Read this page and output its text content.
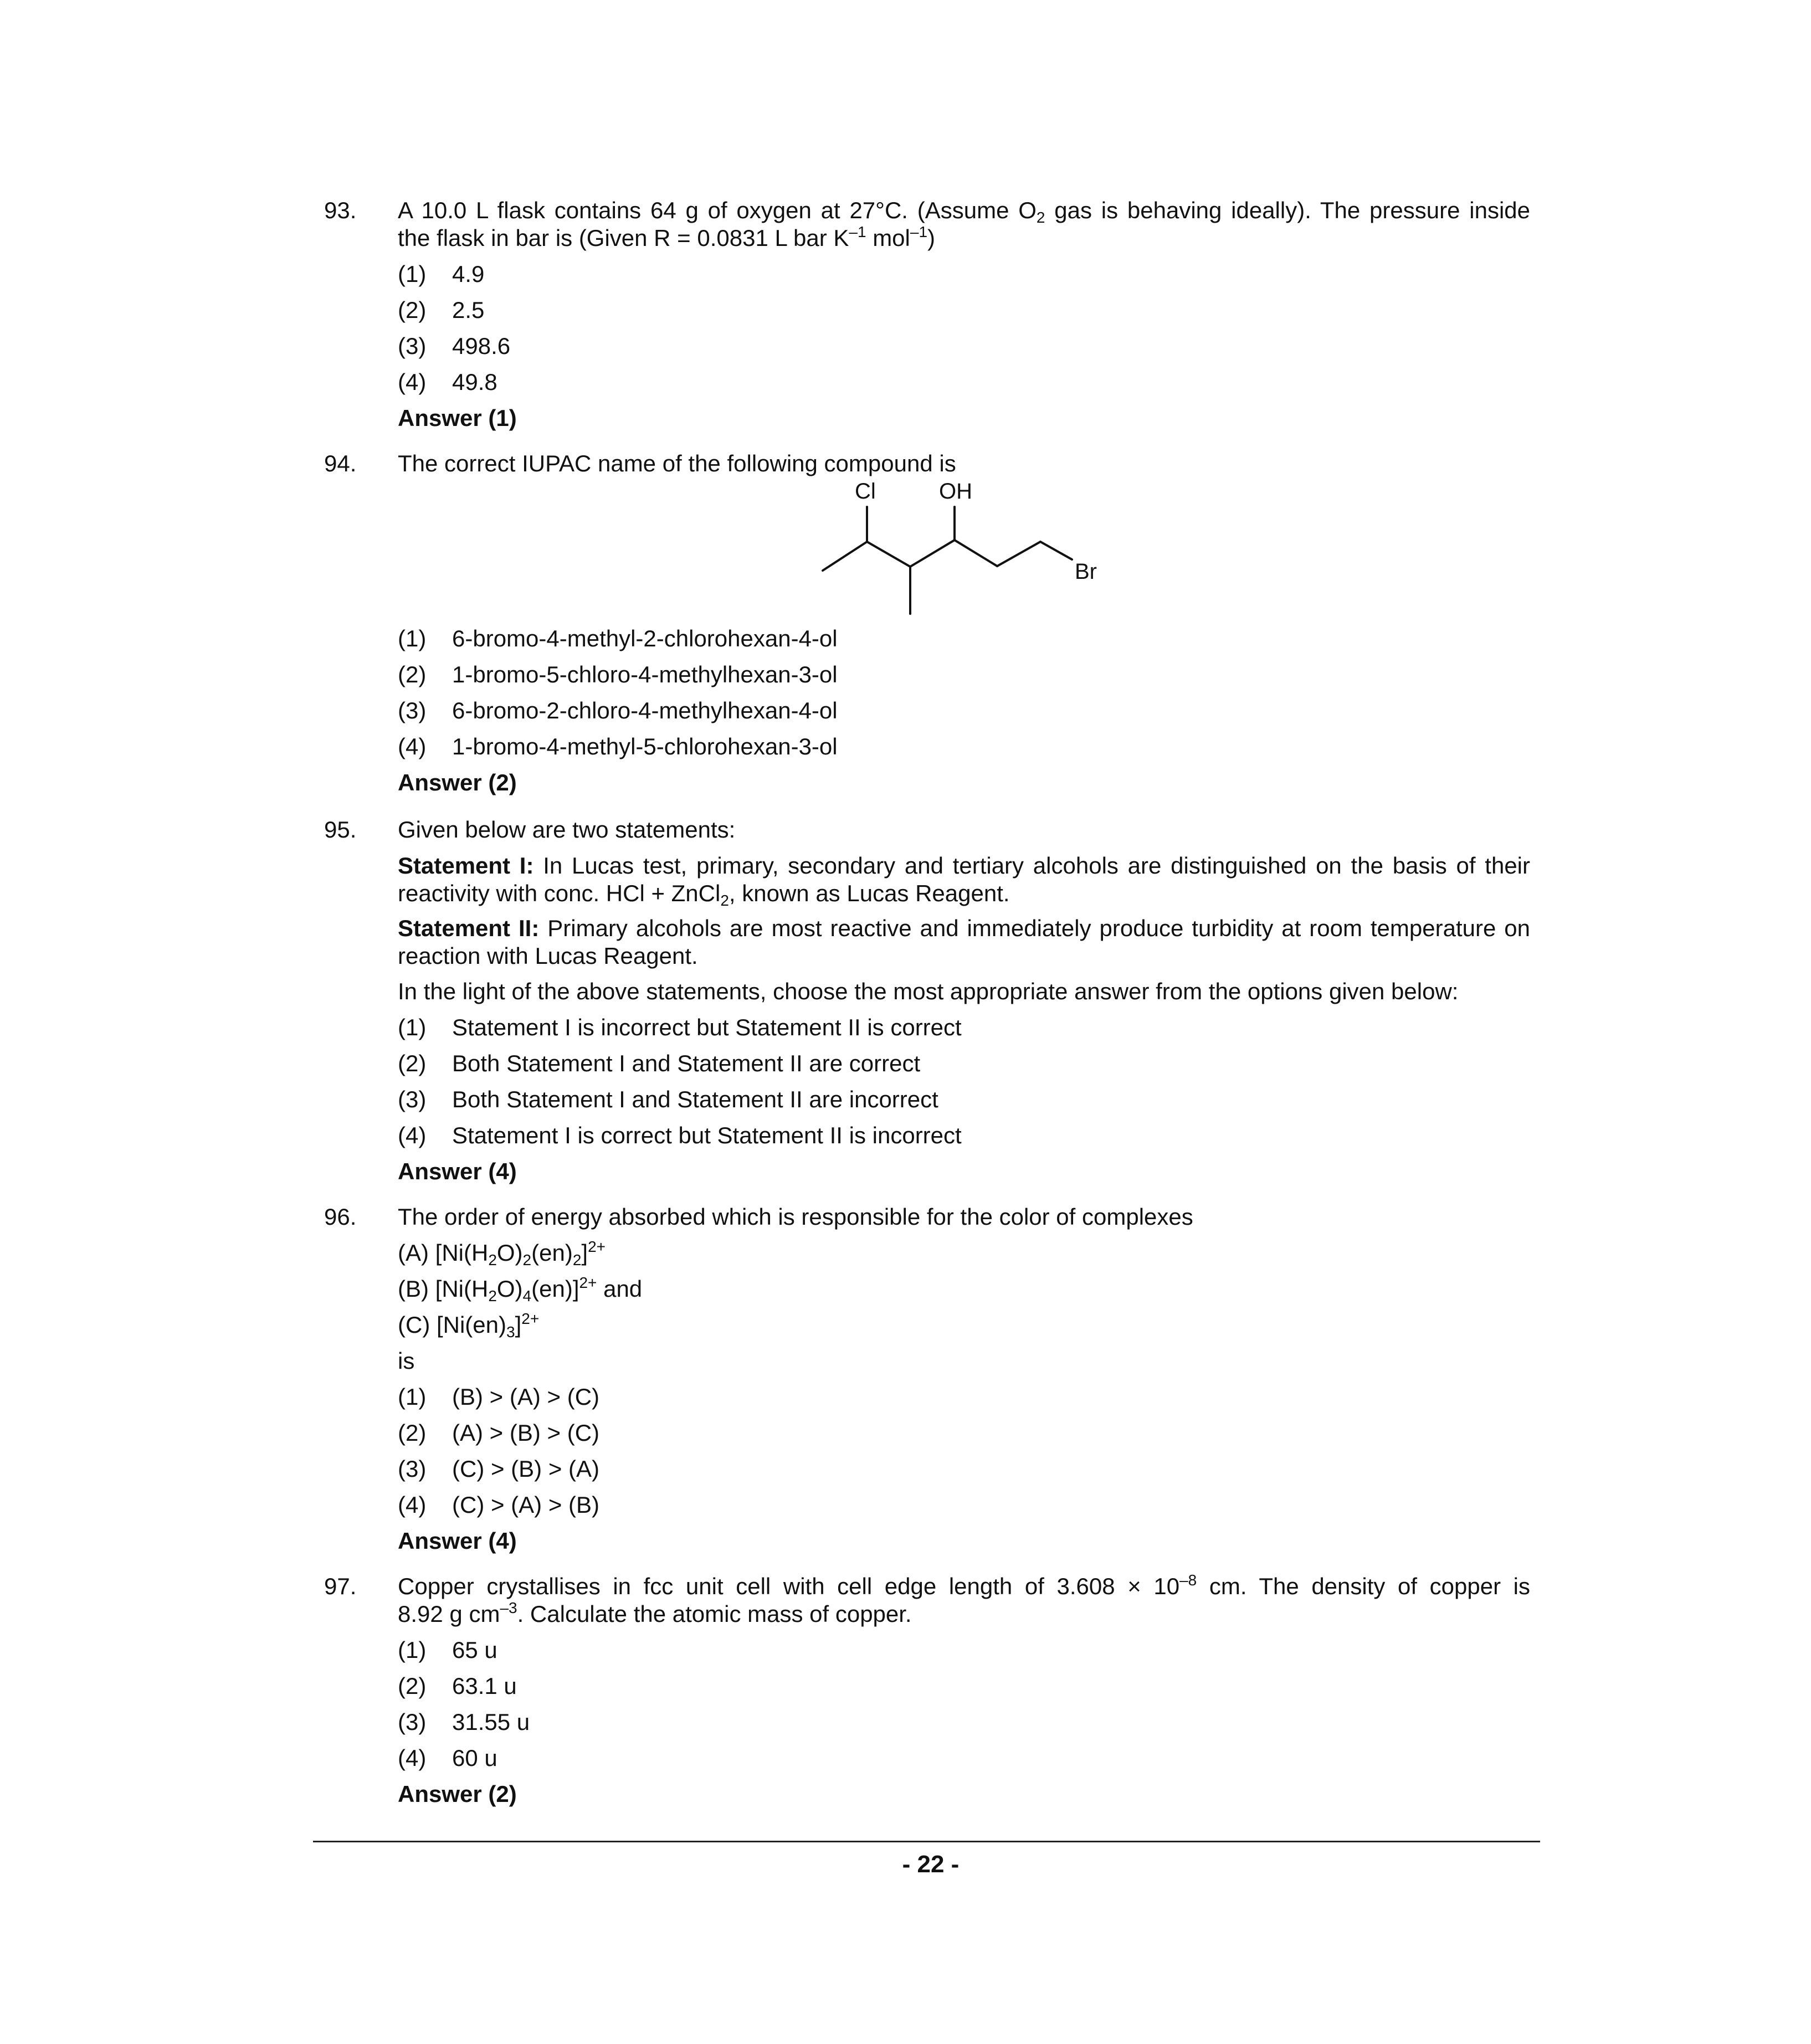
93. A 10.0 L flask contains 64 g of oxygen at 27°C. (Assume $O_2$ gas is behaving ideally). The pressure inside
the flask in bar is (Given R = 0.0831 L bar $K^{-1}$ mol$^{-1}$)
(1) 4.9
(2) 2.5
(3) 498.6
(4) 49.8
Answer (1)
94. The correct IUPAC name of the following compound is
Cl	OH
Br
(1) 6-bromo-4-methyl-2-chlorohexan-4-ol
(2) 1-bromo-5-chloro-4-methylhexan-3-ol
(3) 6-bromo-2-chloro-4-methylhexan-4-ol
(4) 1-bromo-4-methyl-5-chlorohexan-3-ol
Answer (2)
95. Given below are two statements:
Statement I: In Lucas test, primary, secondary and tertiary alcohols are distinguished on the basis of their
reactivity with conc. HCl + ZnCl$_2$, known as Lucas Reagent.
Statement II: Primary alcohols are most reactive and immediately produce turbidity at room temperature on
reaction with Lucas Reagent.
In the light of the above statements, choose the most appropriate answer from the options given below:
(1) Statement I is incorrect but Statement II is correct
(2) Both Statement I and Statement II are correct
(3) Both Statement I and Statement II are incorrect
(4) Statement I is correct but Statement II is incorrect
Answer (4)
96. The order of energy absorbed which is responsible for the color of complexes
(A) $[Ni(H_2O)_2(en)_2]^{2+}$
(B) $[Ni(H_2O)_4(en)]^{2+}$ and
(C) $[Ni(en)_3]^{2+}$
is
(1) (B) > (A) > (C)
(2) (A) > (B) > (C)
(3) (C) > (B) > (A)
(4) (C) > (A) > (B)
Answer (4)
97. Copper crystallises in fcc unit cell with cell edge length of $3.608 \times 10^{-8}$ cm. The density of copper is
8.92 g $cm^{-3}$. Calculate the atomic mass of copper.
(1) 65 u
(2) 63.1 u
(3) 31.55 u
(4) 60 u
Answer (2)
- 22 -
